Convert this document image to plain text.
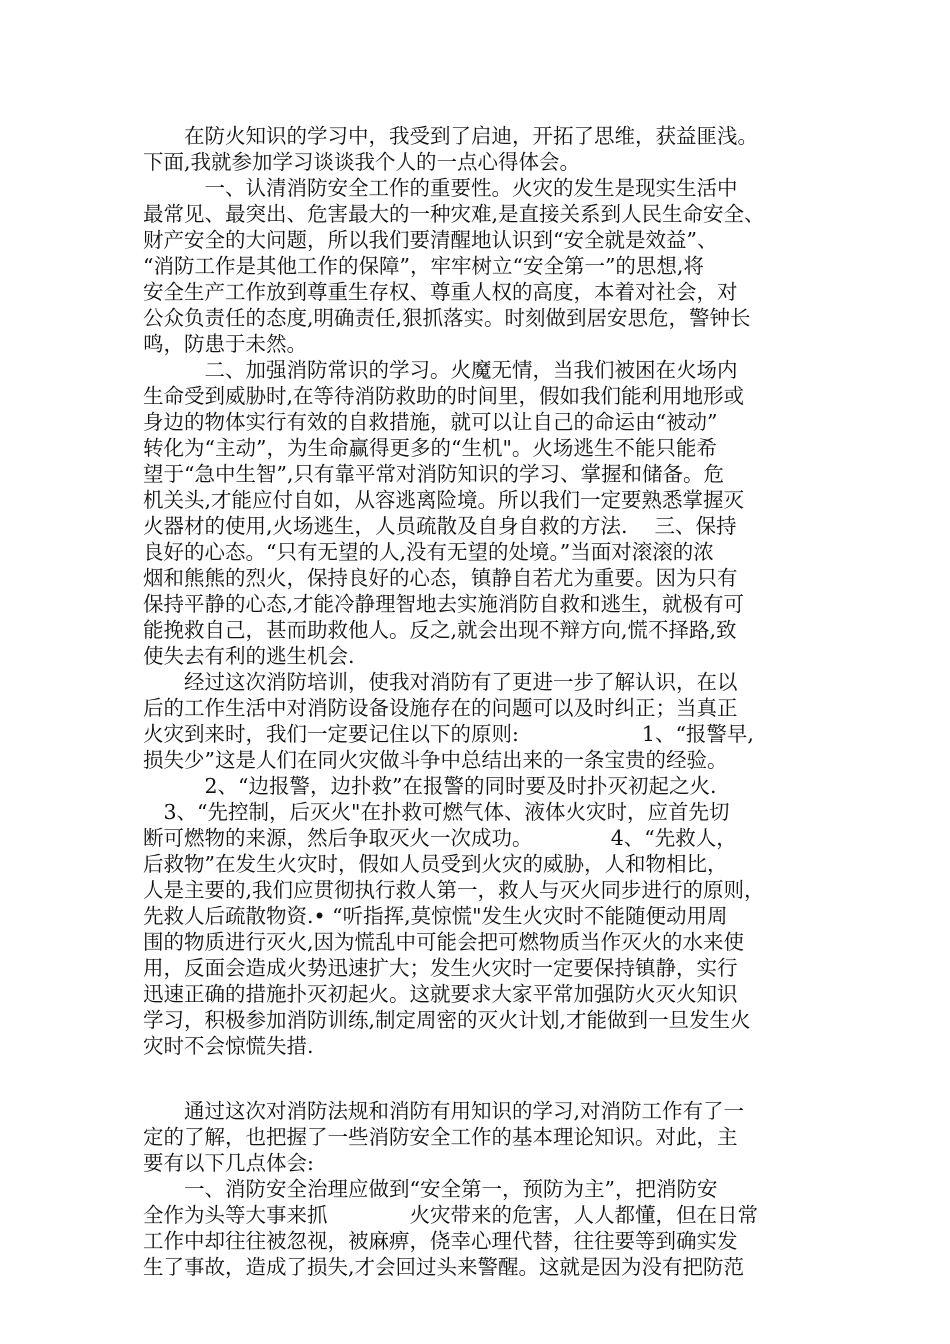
　　在防火知识的学习中，我受到了启迪，开拓了思维，获益匪浅。
下面,我就参加学习谈谈我个人的一点心得体会。
　　　一、认清消防安全工作的重要性。火灾的发生是现实生活中
最常见、最突出、危害最大的一种灾难,是直接关系到人民生命安全、
财产安全的大问题，所以我们要清醒地认识到“安全就是效益”、
“消防工作是其他工作的保障”，牢牢树立“安全第一”的思想,将
安全生产工作放到尊重生存权、尊重人权的高度，本着对社会，对
公众负责任的态度,明确责任,狠抓落实。时刻做到居安思危，警钟长
鸣，防患于未然。
　　　二、加强消防常识的学习。火魔无情，当我们被困在火场内
生命受到威胁时,在等待消防救助的时间里，假如我们能利用地形或
身边的物体实行有效的自救措施，就可以让自己的命运由“被动”
转化为“主动”，为生命赢得更多的“生机"。火场逃生不能只能希
望于“急中生智”,只有靠平常对消防知识的学习、掌握和储备。危
机关头,才能应付自如，从容逃离险境。所以我们一定要熟悉掌握灭
火器材的使用,火场逃生，人员疏散及自身自救的方法.　 三、保持
良好的心态。“只有无望的人,没有无望的处境。”当面对滚滚的浓
烟和熊熊的烈火，保持良好的心态，镇静自若尤为重要。因为只有
保持平静的心态,才能冷静理智地去实施消防自救和逃生，就极有可
能挽救自己，甚而助救他人。反之,就会出现不辩方向,慌不择路,致
使失去有利的逃生机会.
　　经过这次消防培训，使我对消防有了更进一步了解认识，在以
后的工作生活中对消防设备设施存在的问题可以及时纠正；当真正
火灾到来时，我们一定要记住以下的原则:　　　　　　1、“报警早,
损失少”这是人们在同火灾做斗争中总结出来的一条宝贵的经验。
　　　2、“边报警，边扑救”在报警的同时要及时扑灭初起之火.
　3、“先控制，后灭火"在扑救可燃气体、液体火灾时，应首先切
断可燃物的来源，然后争取灭火一次成功。　　　　 4、“先救人，
后救物”在发生火灾时，假如人员受到火灾的威胁，人和物相比，
人是主要的,我们应贯彻执行救人第一，救人与灭火同步进行的原则，
先救人后疏散物资.• “听指挥,莫惊慌"发生火灾时不能随便动用周
围的物质进行灭火,因为慌乱中可能会把可燃物质当作灭火的水来使
用，反面会造成火势迅速扩大；发生火灾时一定要保持镇静，实行
迅速正确的措施扑灭初起火。这就要求大家平常加强防火灭火知识
学习，积极参加消防训练,制定周密的灭火计划,才能做到一旦发生火
灾时不会惊慌失措.
　　通过这次对消防法规和消防有用知识的学习,对消防工作有了一
定的了解，也把握了一些消防安全工作的基本理论知识。对此，主
要有以下几点体会:
　　一、消防安全治理应做到“安全第一，预防为主”，把消防安
全作为头等大事来抓　　　　火灾带来的危害，人人都懂，但在日常
工作中却往往被忽视，被麻痹，侥幸心理代替，往往要等到确实发
生了事故，造成了损失,才会回过头来警醒。这就是因为没有把防范
